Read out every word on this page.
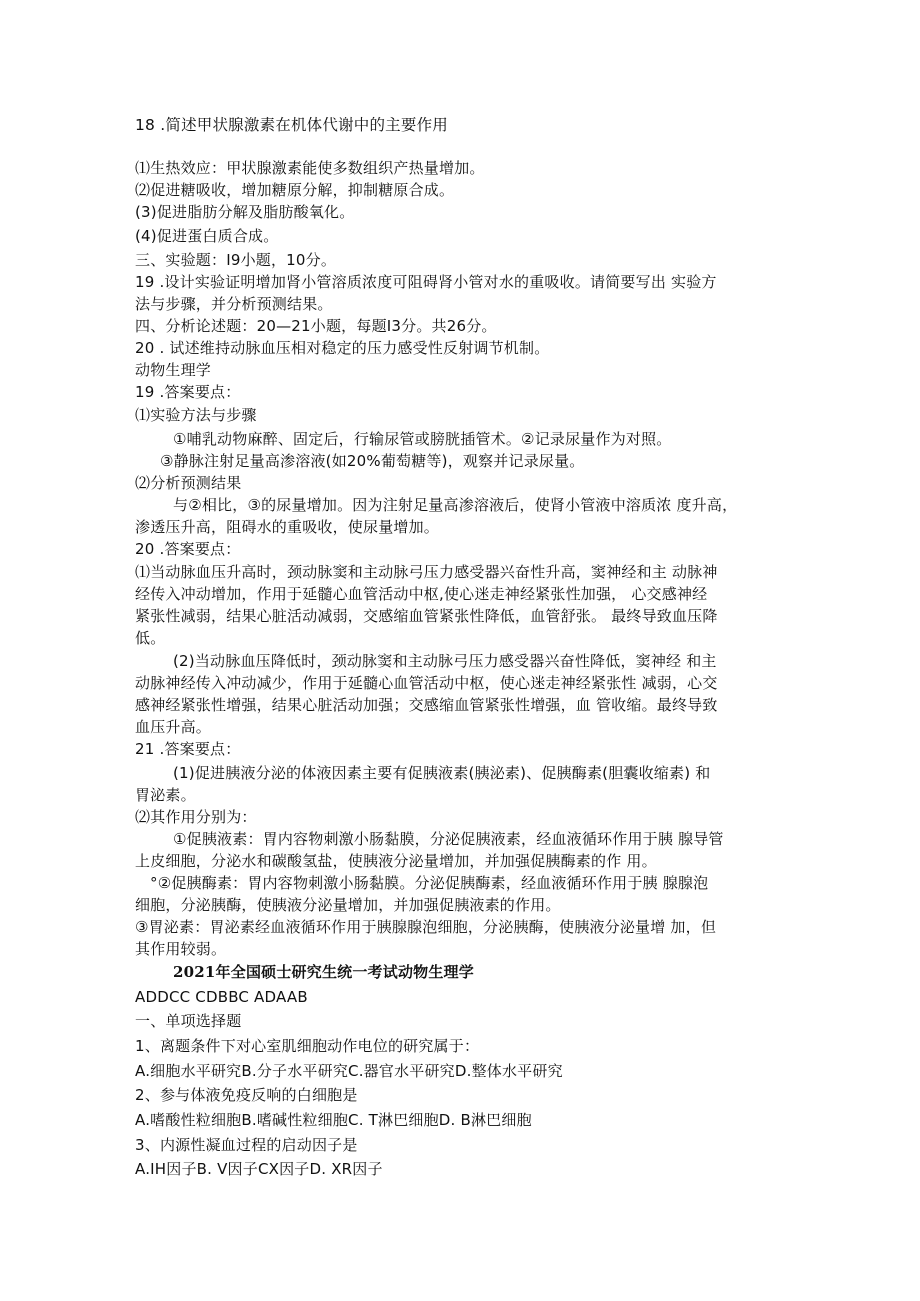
18 .简述甲状腺激素在机体代谢中的主要作用
⑴生热效应：甲状腺激素能使多数组织产热量增加。
⑵促进糖吸收，增加糖原分解，抑制糖原合成。
(3)促进脂肪分解及脂肪酸氧化。
(4)促进蛋白质合成。
三、实验题：I9小题，10分。
19 .设计实验证明增加肾小管溶质浓度可阻碍肾小管对水的重吸收。请简要写出 实验方
法与步骤，并分析预测结果。
四、分析论述题：20—21小题，每题I3分。共26分。
20 . 试述维持动脉血压相对稳定的压力感受性反射调节机制。
动物生理学
19 .答案要点：
⑴实验方法与步骤
①哺乳动物麻醉、固定后，行输尿管或膀胱插管术。②记录尿量作为对照。
③静脉注射足量高渗溶液(如20%葡萄糖等)，观察并记录尿量。
⑵分析预测结果
与②相比，③的尿量增加。因为注射足量高渗溶液后，使肾小管液中溶质浓 度升高，
渗透压升高，阻碍水的重吸收，使尿量增加。
20 .答案要点：
⑴当动脉血压升高时，颈动脉窦和主动脉弓压力感受器兴奋性升高，窦神经和主 动脉神
经传入冲动增加，作用于延髓心血管活动中枢,使心迷走神经紧张性加强， 心交感神经
紧张性减弱，结果心脏活动减弱，交感缩血管紧张性降低，血管舒张。 最终导致血压降
低。
(2)当动脉血压降低时，颈动脉窦和主动脉弓压力感受器兴奋性降低，窦神经 和主
动脉神经传入冲动减少，作用于延髓心血管活动中枢，使心迷走神经紧张性 减弱，心交
感神经紧张性增强，结果心脏活动加强；交感缩血管紧张性增强，血 管收缩。最终导致
血压升高。
21 .答案要点：
(1)促进胰液分泌的体液因素主要有促胰液素(胰泌素)、促胰酶素(胆囊收缩素) 和
胃泌素。
⑵其作用分别为：
①促胰液素：胃内容物刺激小肠黏膜，分泌促胰液素，经血液循环作用于胰 腺导管
上皮细胞，分泌水和碳酸氢盐，使胰液分泌量增加，并加强促胰酶素的作 用。
°②促胰酶素：胃内容物刺激小肠黏膜。分泌促胰酶素，经血液循环作用于胰 腺腺泡
细胞，分泌胰酶，使胰液分泌量增加，并加强促胰液素的作用。
③胃泌素：胃泌素经血液循环作用于胰腺腺泡细胞，分泌胰酶，使胰液分泌量增 加，但
其作用较弱。
2021年全国硕士研究生统一考试动物生理学
ADDCC CDBBC ADAAB
一、单项选择题
1、离题条件下对心室肌细胞动作电位的研究属于：
A.细胞水平研究B.分子水平研究C.器官水平研究D.整体水平研究
2、参与体液免疫反响的白细胞是
A.嗜酸性粒细胞B.嗜碱性粒细胞C. T淋巴细胞D. B淋巴细胞
3、内源性凝血过程的启动因子是
A.IH因子B. V因子CX因子D. XR因子
